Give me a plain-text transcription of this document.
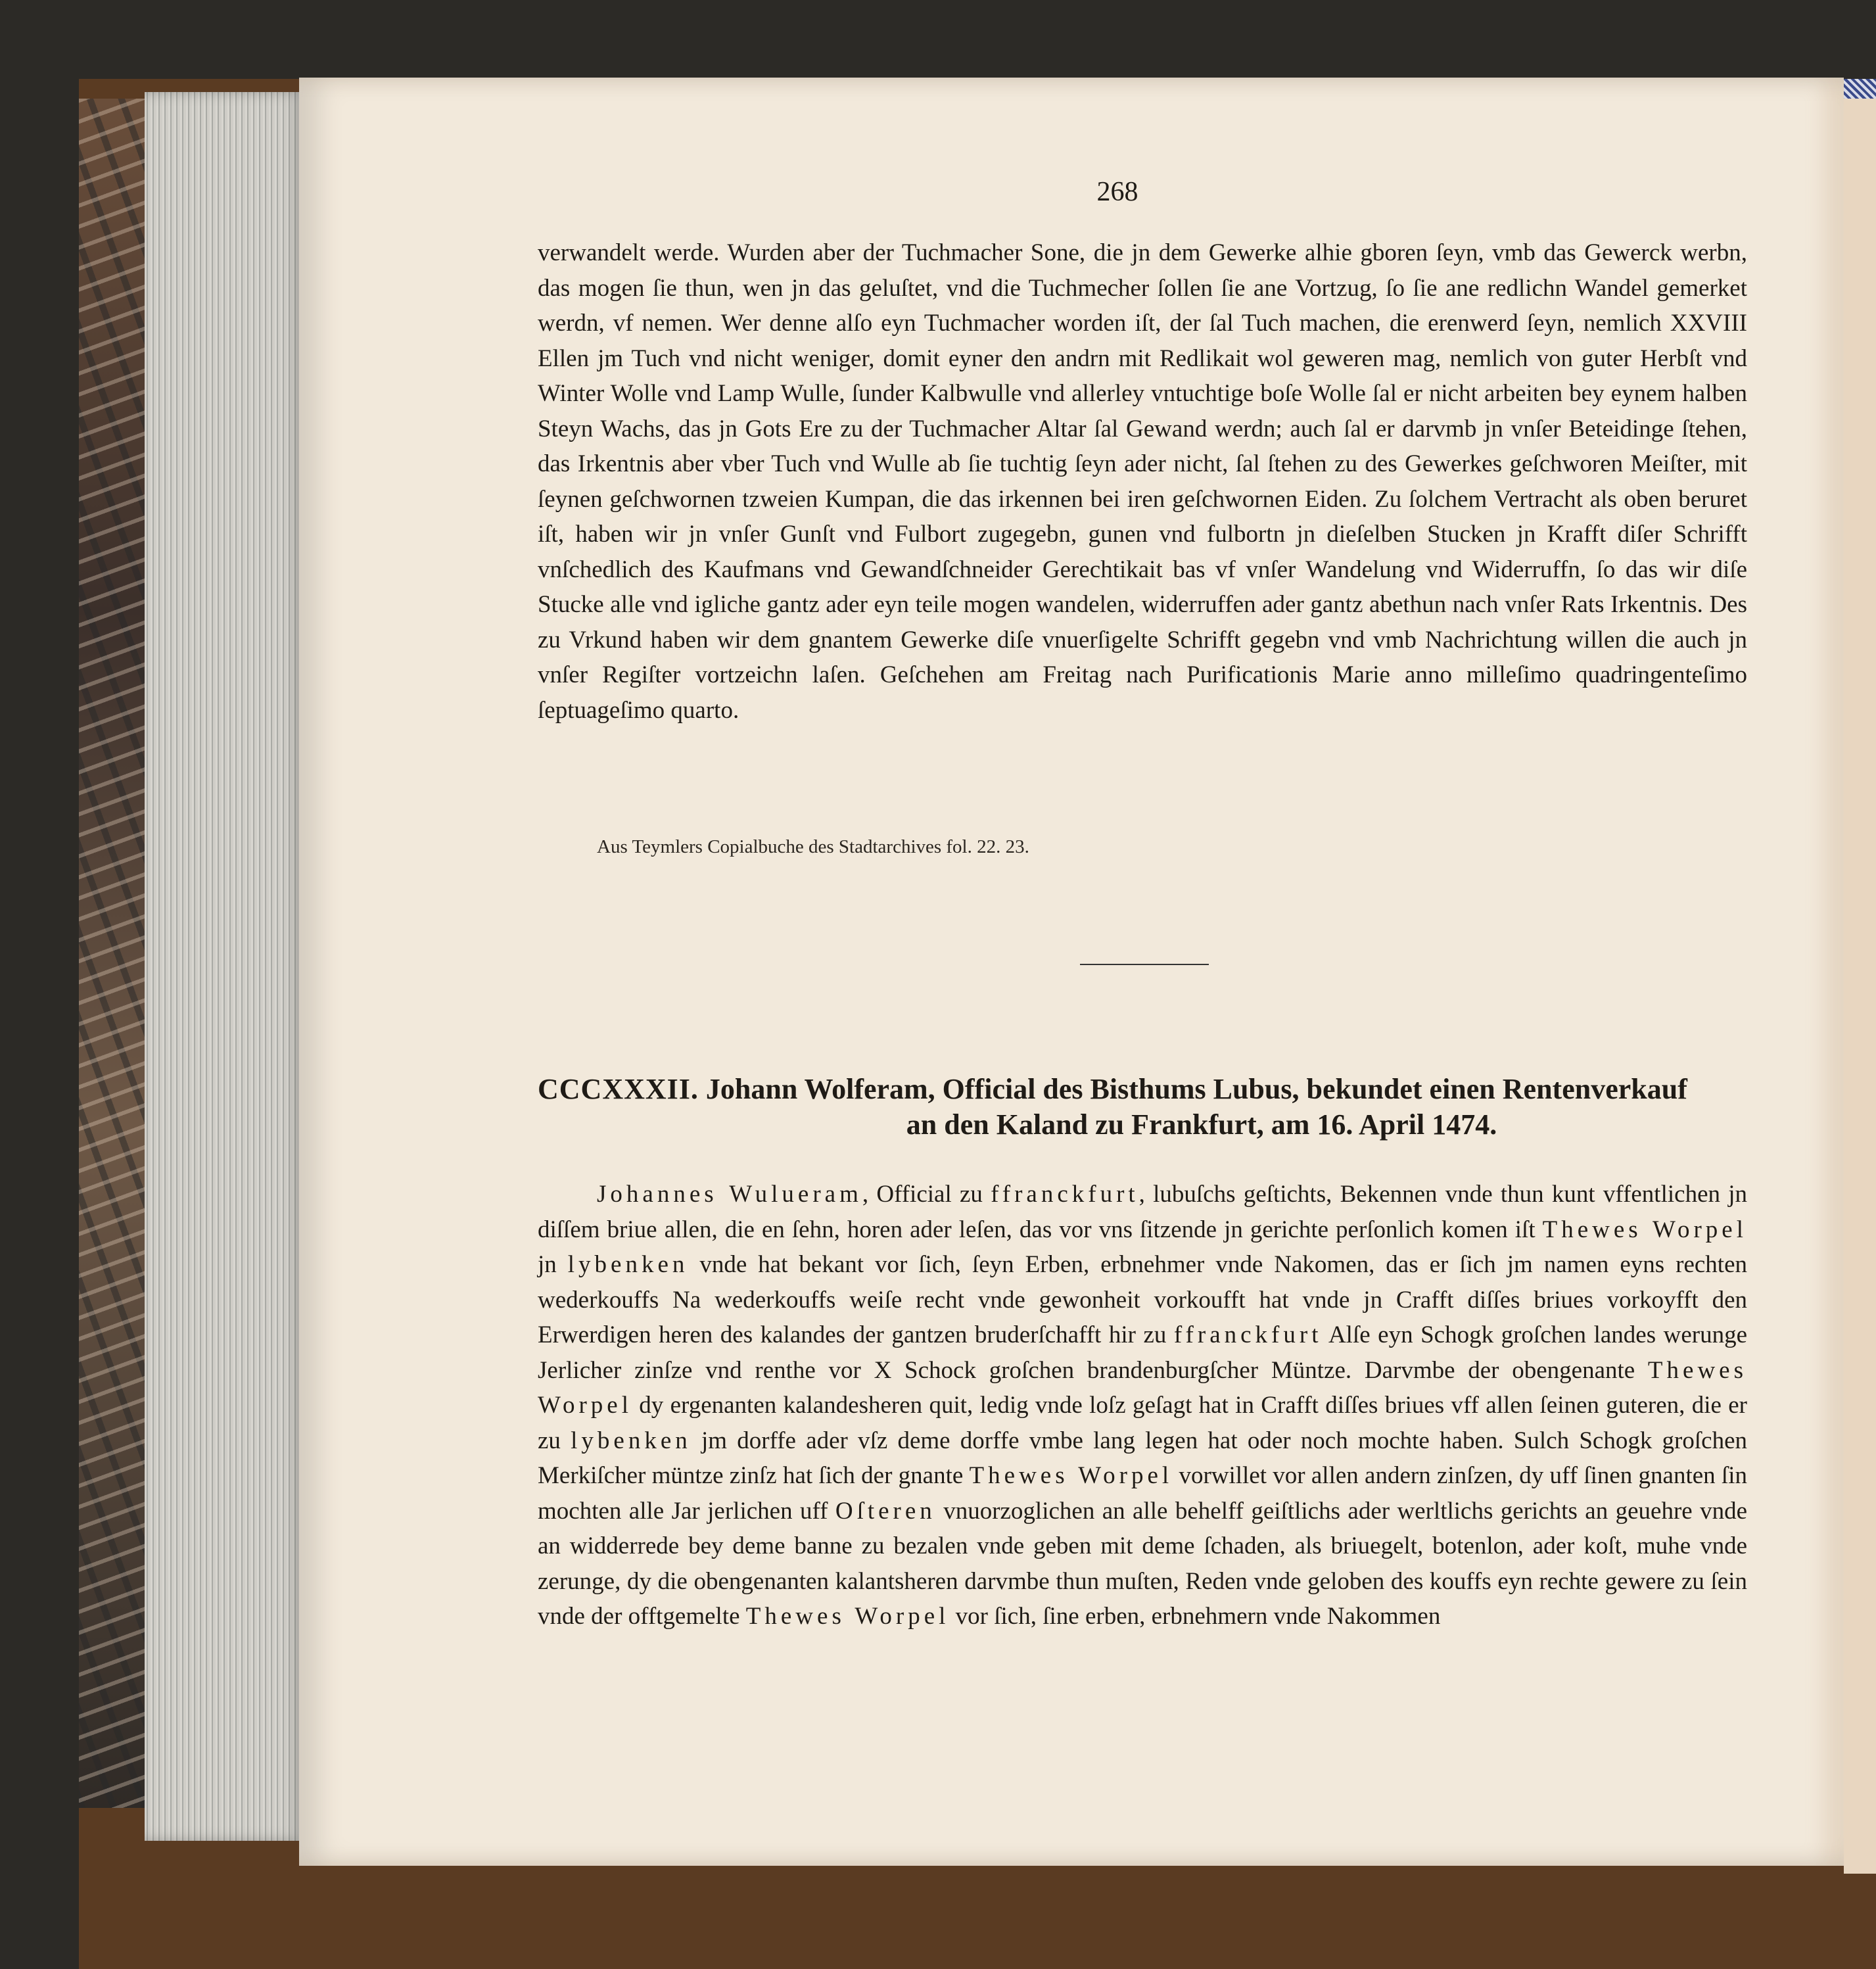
268
verwandelt werde. Wurden aber der Tuchmacher Sone, die jn dem Gewerke alhie gboren ſeyn, vmb das Gewerck werbn, das mogen ſie thun, wen jn das geluſtet, vnd die Tuchmecher ſollen ſie ane Vortzug, ſo ſie ane redlichn Wandel gemerket werdn, vf nemen. Wer denne alſo eyn Tuchmacher worden iſt, der ſal Tuch machen, die erenwerd ſeyn, nemlich XXVIII Ellen jm Tuch vnd nicht weniger, domit eyner den andrn mit Redlikait wol geweren mag, nemlich von guter Herbſt vnd Winter Wolle vnd Lamp Wulle, ſunder Kalbwulle vnd allerley vntuchtige boſe Wolle ſal er nicht arbeiten bey eynem halben Steyn Wachs, das jn Gots Ere zu der Tuchmacher Altar ſal Gewand werdn; auch ſal er darvmb jn vnſer Beteidinge ſtehen, das Irkentnis aber vber Tuch vnd Wulle ab ſie tuchtig ſeyn ader nicht, ſal ſtehen zu des Gewerkes geſchworen Meiſter, mit ſeynen geſchwornen tzweien Kumpan, die das irkennen bei iren geſchwornen Eiden. Zu ſolchem Vertracht als oben beruret iſt, haben wir jn vnſer Gunſt vnd Fulbort zugegebn, gunen vnd fulbortn jn dieſelben Stucken jn Krafft diſer Schrifft vnſchedlich des Kaufmans vnd Gewandſchneider Gerechtikait bas vf vnſer Wandelung vnd Widerruffn, ſo das wir diſe Stucke alle vnd igliche gantz ader eyn teile mogen wandelen, widerruffen ader gantz abethun nach vnſer Rats Irkentnis. Des zu Vrkund haben wir dem gnantem Gewerke diſe vnuerſigelte Schrifft gegebn vnd vmb Nachrichtung willen die auch jn vnſer Regiſter vortzeichn laſen. Geſchehen am Freitag nach Purificationis Marie anno milleſimo quadringenteſimo ſeptuageſimo quarto.
Aus Teymlers Copialbuche des Stadtarchives fol. 22. 23.
CCCXXXII. Johann Wolferam, Official des Bisthums Lubus, bekundet einen Rentenverkauf
an den Kaland zu Frankfurt, am 16. April 1474.
Johannes Wulueram, Official zu ffranckfurt, lubuſchs geſtichts, Bekennen vnde thun kunt vffentlichen jn diſſem briue allen, die en ſehn, horen ader leſen, das vor vns ſitzende jn gerichte perſonlich komen iſt Thewes Worpel jn lybenken vnde hat bekant vor ſich, ſeyn Erben, erbnehmer vnde Nakomen, das er ſich jm namen eyns rechten wederkouffs Na wederkouffs weiſe recht vnde gewonheit vorkoufft hat vnde jn Crafft diſſes briues vorkoyfft den Erwerdigen heren des kalandes der gantzen bruderſchafft hir zu ffranckfurt Alſe eyn Schogk groſchen landes werunge Jerlicher zinſze vnd renthe vor X Schock groſchen brandenburgſcher Müntze. Darvmbe der obengenante Thewes Worpel dy ergenanten kalandesheren quit, ledig vnde loſz geſagt hat in Crafft diſſes briues vff allen ſeinen guteren, die er zu lybenken jm dorffe ader vſz deme dorffe vmbe lang legen hat oder noch mochte haben. Sulch Schogk groſchen Merkiſcher müntze zinſz hat ſich der gnante Thewes Worpel vorwillet vor allen andern zinſzen, dy uff ſinen gnanten ſin mochten alle Jar jerlichen uff Oſteren vnuorzoglichen an alle behelff geiſtlichs ader werltlichs gerichts an geuehre vnde an widderrede bey deme banne zu bezalen vnde geben mit deme ſchaden, als briuegelt, botenlon, ader koſt, muhe vnde zerunge, dy die obengenanten kalantsheren darvmbe thun muſten, Reden vnde geloben des kouffs eyn rechte gewere zu ſein vnde der offtgemelte Thewes Worpel vor ſich, ſine erben, erbnehmern vnde Nakommen
